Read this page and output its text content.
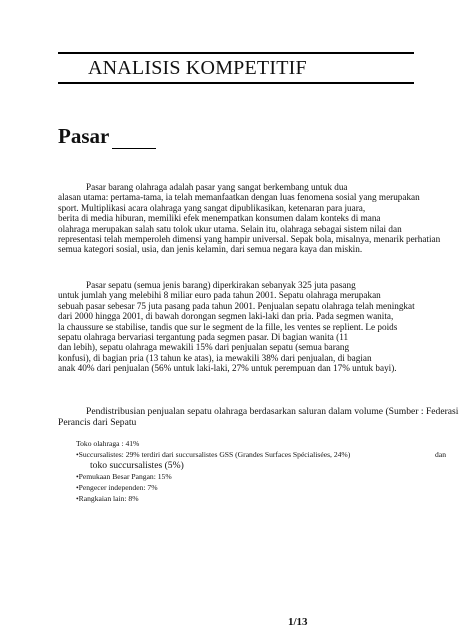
ANALISIS KOMPETITIF
Pasar
Pasar barang olahraga adalah pasar yang sangat berkembang untuk dua
alasan utama: pertama-tama, ia telah memanfaatkan dengan luas fenomena sosial yang merupakan
sport. Multiplikasi acara olahraga yang sangat dipublikasikan, ketenaran para juara,
berita di media hiburan, memiliki efek menempatkan konsumen dalam konteks di mana
olahraga merupakan salah satu tolok ukur utama. Selain itu, olahraga sebagai sistem nilai dan
representasi telah memperoleh dimensi yang hampir universal. Sepak bola, misalnya, menarik perhatian
semua kategori sosial, usia, dan jenis kelamin, dari semua negara kaya dan miskin.
Pasar sepatu (semua jenis barang) diperkirakan sebanyak 325 juta pasang
untuk jumlah yang melebihi 8 miliar euro pada tahun 2001. Sepatu olahraga merupakan
sebuah pasar sebesar 75 juta pasang pada tahun 2001. Penjualan sepatu olahraga telah meningkat
dari 2000 hingga 2001, di bawah dorongan segmen laki-laki dan pria. Pada segmen wanita,
la chaussure se stabilise, tandis que sur le segment de la fille, les ventes se replient. Le poids
sepatu olahraga bervariasi tergantung pada segmen pasar. Di bagian wanita (11
dan lebih), sepatu olahraga mewakili 15% dari penjualan sepatu (semua barang
konfusi), di bagian pria (13 tahun ke atas), ia mewakili 38% dari penjualan, di bagian
anak 40% dari penjualan (56% untuk laki-laki, 27% untuk perempuan dan 17% untuk bayi).
Pendistribusian penjualan sepatu olahraga berdasarkan saluran dalam volume (Sumber : Federasi
Perancis dari Sepatu
Toko olahraga : 41%
•Succursalistes: 29% terdiri dari succursalistes GSS (Grandes Surfaces Spécialisées, 24%)	dan
toko succursalistes (5%)
•Pemukaan Besar Pangan: 15%
•Pengecer independen: 7%
•Rangkaian lain: 8%
1/13
